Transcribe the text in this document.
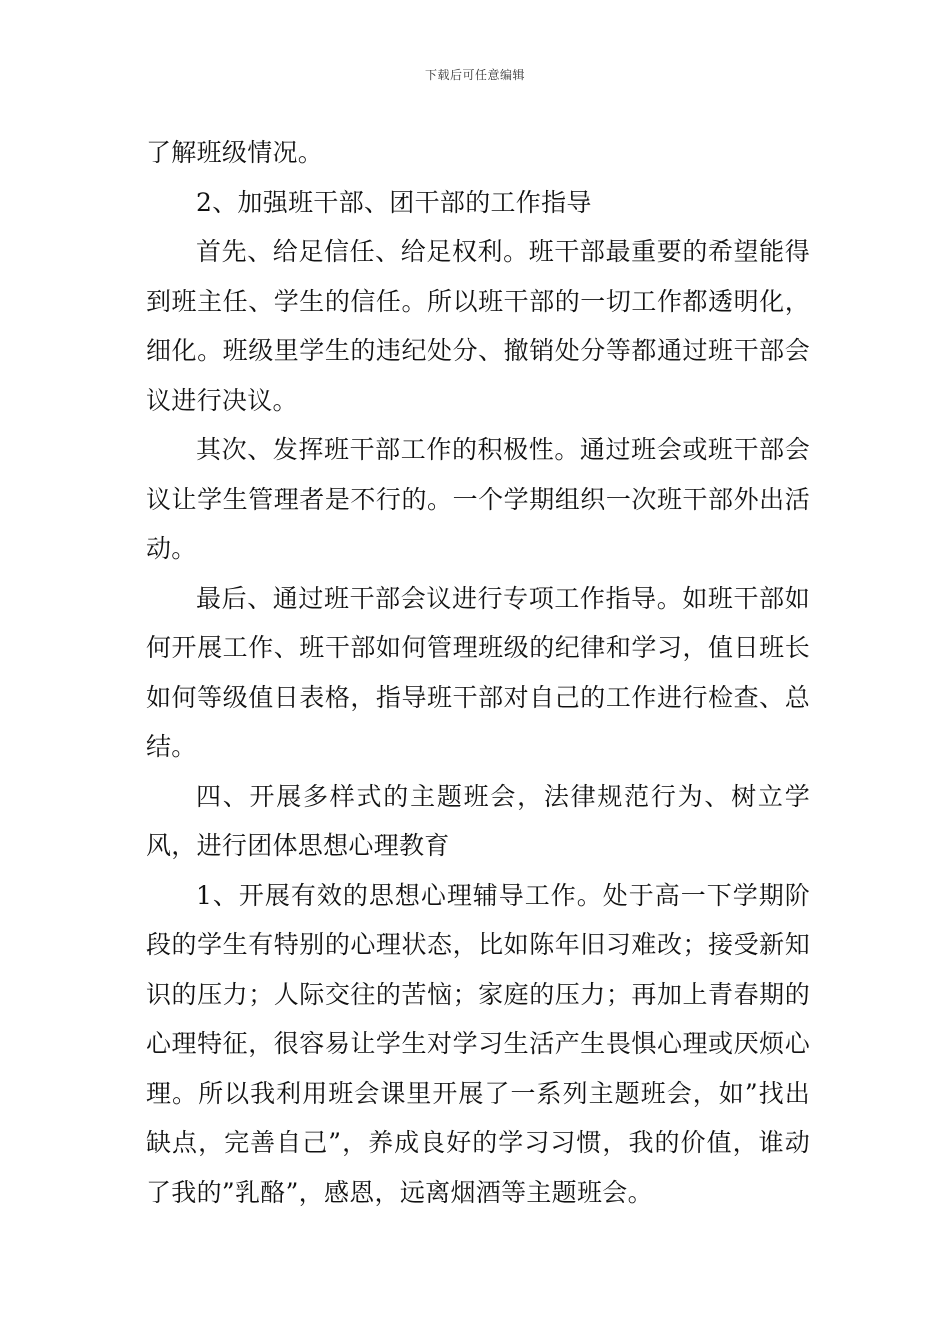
下载后可任意编辑

了解班级情况。

2、加强班干部、团干部的工作指导

首先、给足信任、给足权利。班干部最重要的希望能得到班主任、学生的信任。所以班干部的一切工作都透明化，细化。班级里学生的违纪处分、撤销处分等都通过班干部会议进行决议。

其次、发挥班干部工作的积极性。通过班会或班干部会议让学生管理者是不行的。一个学期组织一次班干部外出活动。

最后、通过班干部会议进行专项工作指导。如班干部如何开展工作、班干部如何管理班级的纪律和学习，值日班长如何等级值日表格，指导班干部对自己的工作进行检查、总结。

四、开展多样式的主题班会，法律规范行为、树立学风，进行团体思想心理教育

1、开展有效的思想心理辅导工作。处于高一下学期阶段的学生有特别的心理状态，比如陈年旧习难改；接受新知识的压力；人际交往的苦恼；家庭的压力；再加上青春期的心理特征，很容易让学生对学习生活产生畏惧心理或厌烦心理。所以我利用班会课里开展了一系列主题班会，如”找出缺点，完善自己”，养成良好的学习习惯，我的价值，谁动了我的”乳酪”，感恩，远离烟酒等主题班会。
